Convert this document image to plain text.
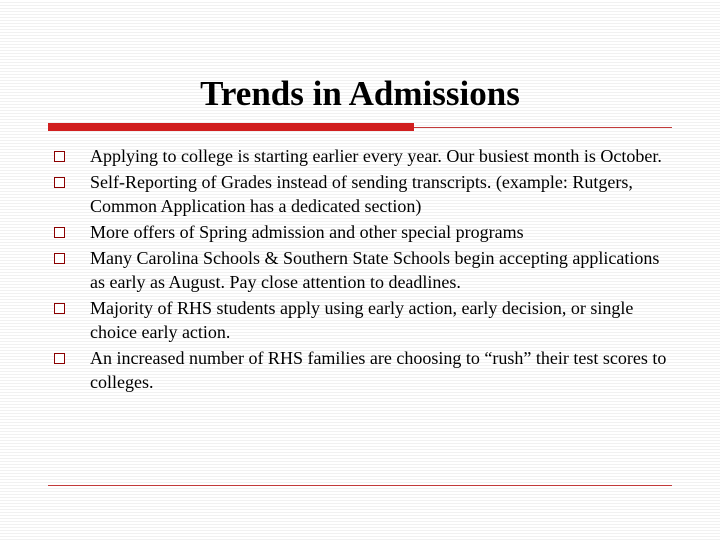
Trends in Admissions
Applying to college is starting earlier every year. Our busiest month is October.
Self-Reporting of Grades instead of sending transcripts. (example: Rutgers, Common Application has a dedicated section)
More offers of Spring admission and other special programs
Many Carolina Schools & Southern State Schools begin accepting applications as early as August. Pay close attention to deadlines.
Majority of RHS students apply using early action, early decision, or single choice early action.
An increased number of RHS families are choosing to “rush” their test scores to colleges.
